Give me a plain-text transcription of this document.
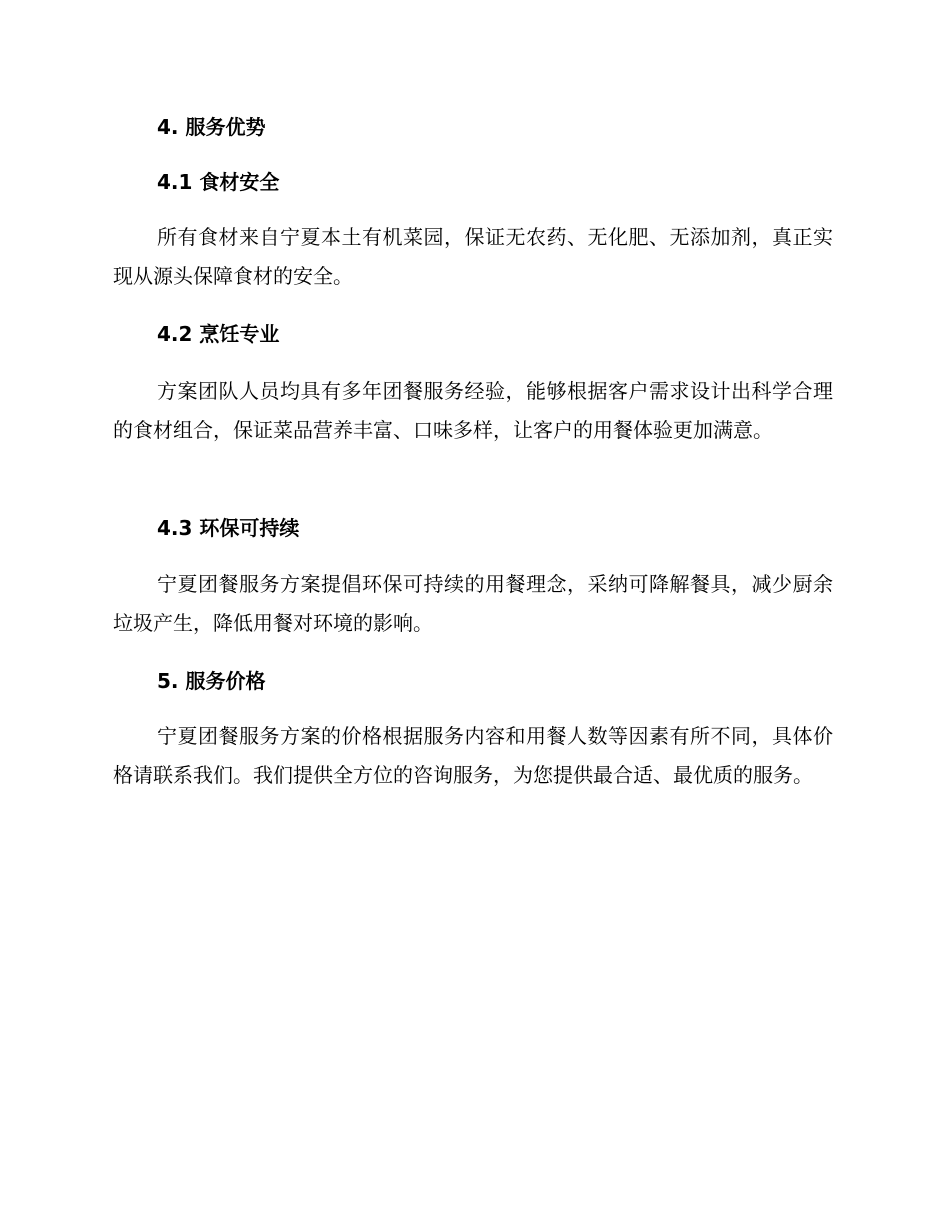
4. 服务优势
4.1 食材安全

所有食材来自宁夏本土有机菜园，保证无农药、无化肥、无添加剂，真正实现从源头保障食材的安全。

4.2 烹饪专业

方案团队人员均具有多年团餐服务经验，能够根据客户需求设计出科学合理的食材组合，保证菜品营养丰富、口味多样，让客户的用餐体验更加满意。

4.3 环保可持续

宁夏团餐服务方案提倡环保可持续的用餐理念，采纳可降解餐具，减少厨余垃圾产生，降低用餐对环境的影响。

5. 服务价格

宁夏团餐服务方案的价格根据服务内容和用餐人数等因素有所不同，具体价格请联系我们。我们提供全方位的咨询服务，为您提供最合适、最优质的服务。
